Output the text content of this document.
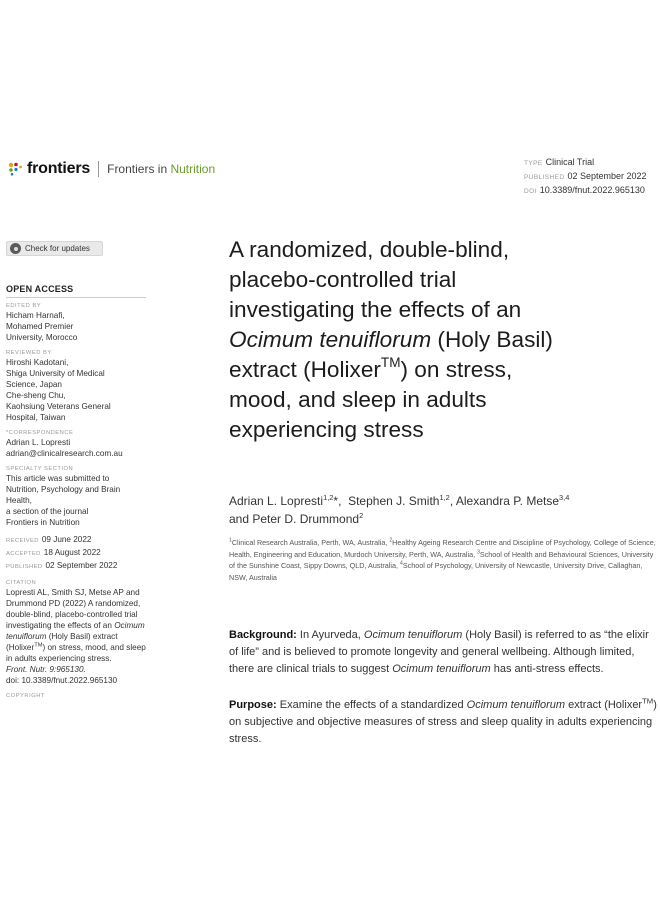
frontiers Frontiers in Nutrition	TYPE Clinical Trial
PUBLISHED 02 September 2022
DOI 10.3389/fnut.2022.965130
Check for updates
OPEN ACCESS
EDITED BY

Hicham Harnafi,

Mohamed Premier

University, Morocco

REVIEWED BY

Hiroshi Kadotani,

Shiga University of Medical

Science, Japan

Che-sheng Chu,

Kaohsiung Veterans General

Hospital, Taiwan

*CORRESPONDENCE

Adrian L. Lopresti

adrian@clinicalresearch.com.au

SPECIALTY SECTION

This article was submitted to

Nutrition, Psychology and Brain

Health,

a section of the journal

Frontiers in Nutrition

RECEIVED 09 June 2022

ACCEPTED 18 August 2022

PUBLISHED 02 September 2022

CITATION

Lopresti AL, Smith SJ, Metse AP and

Drummond PD (2022) A randomized,

double-blind, placebo-controlled trial

investigating the effects of an Ocimum

tenuiflorum (Holy Basil) extract

(Holixer™) on stress, mood, and sleep

in adults experiencing stress.

Front. Nutr. 9:965130.

doi: 10.3389/fnut.2022.965130

COPYRIGHT
A randomized, double-blind,
placebo-controlled trial
investigating the effects of an
Ocimum tenuiflorum (Holy Basil)
extract (Holixer™) on stress,
mood, and sleep in adults
experiencing stress

Adrian L. Lopresti$^{1,2}$*, Stephen J. Smith$^{1,2}$, Alexandra P. Metse$^{3,4}$
and Peter D. Drummond$^2$

$^1$Clinical Research Australia, Perth, WA, Australia, $^2$Healthy Ageing Research Centre and Discipline of Psychology, College of Science, Health, Engineering and Education, Murdoch University, Perth, WA, Australia, $^3$School of Health and Behavioural Sciences, University of the Sunshine Coast, Sippy Downs, QLD, Australia, $^4$School of Psychology, University of Newcastle, University Drive, Callaghan, NSW, Australia

Background: In Ayurveda, Ocimum tenuiflorum (Holy Basil) is referred to as “the elixir of life” and is believed to promote longevity and general wellbeing. Although limited, there are clinical trials to suggest Ocimum tenuiflorum has anti-stress effects.

Purpose: Examine the effects of a standardized Ocimum tenuiflorum extract (Holixer™) on subjective and objective measures of stress and sleep quality in adults experiencing stress.
